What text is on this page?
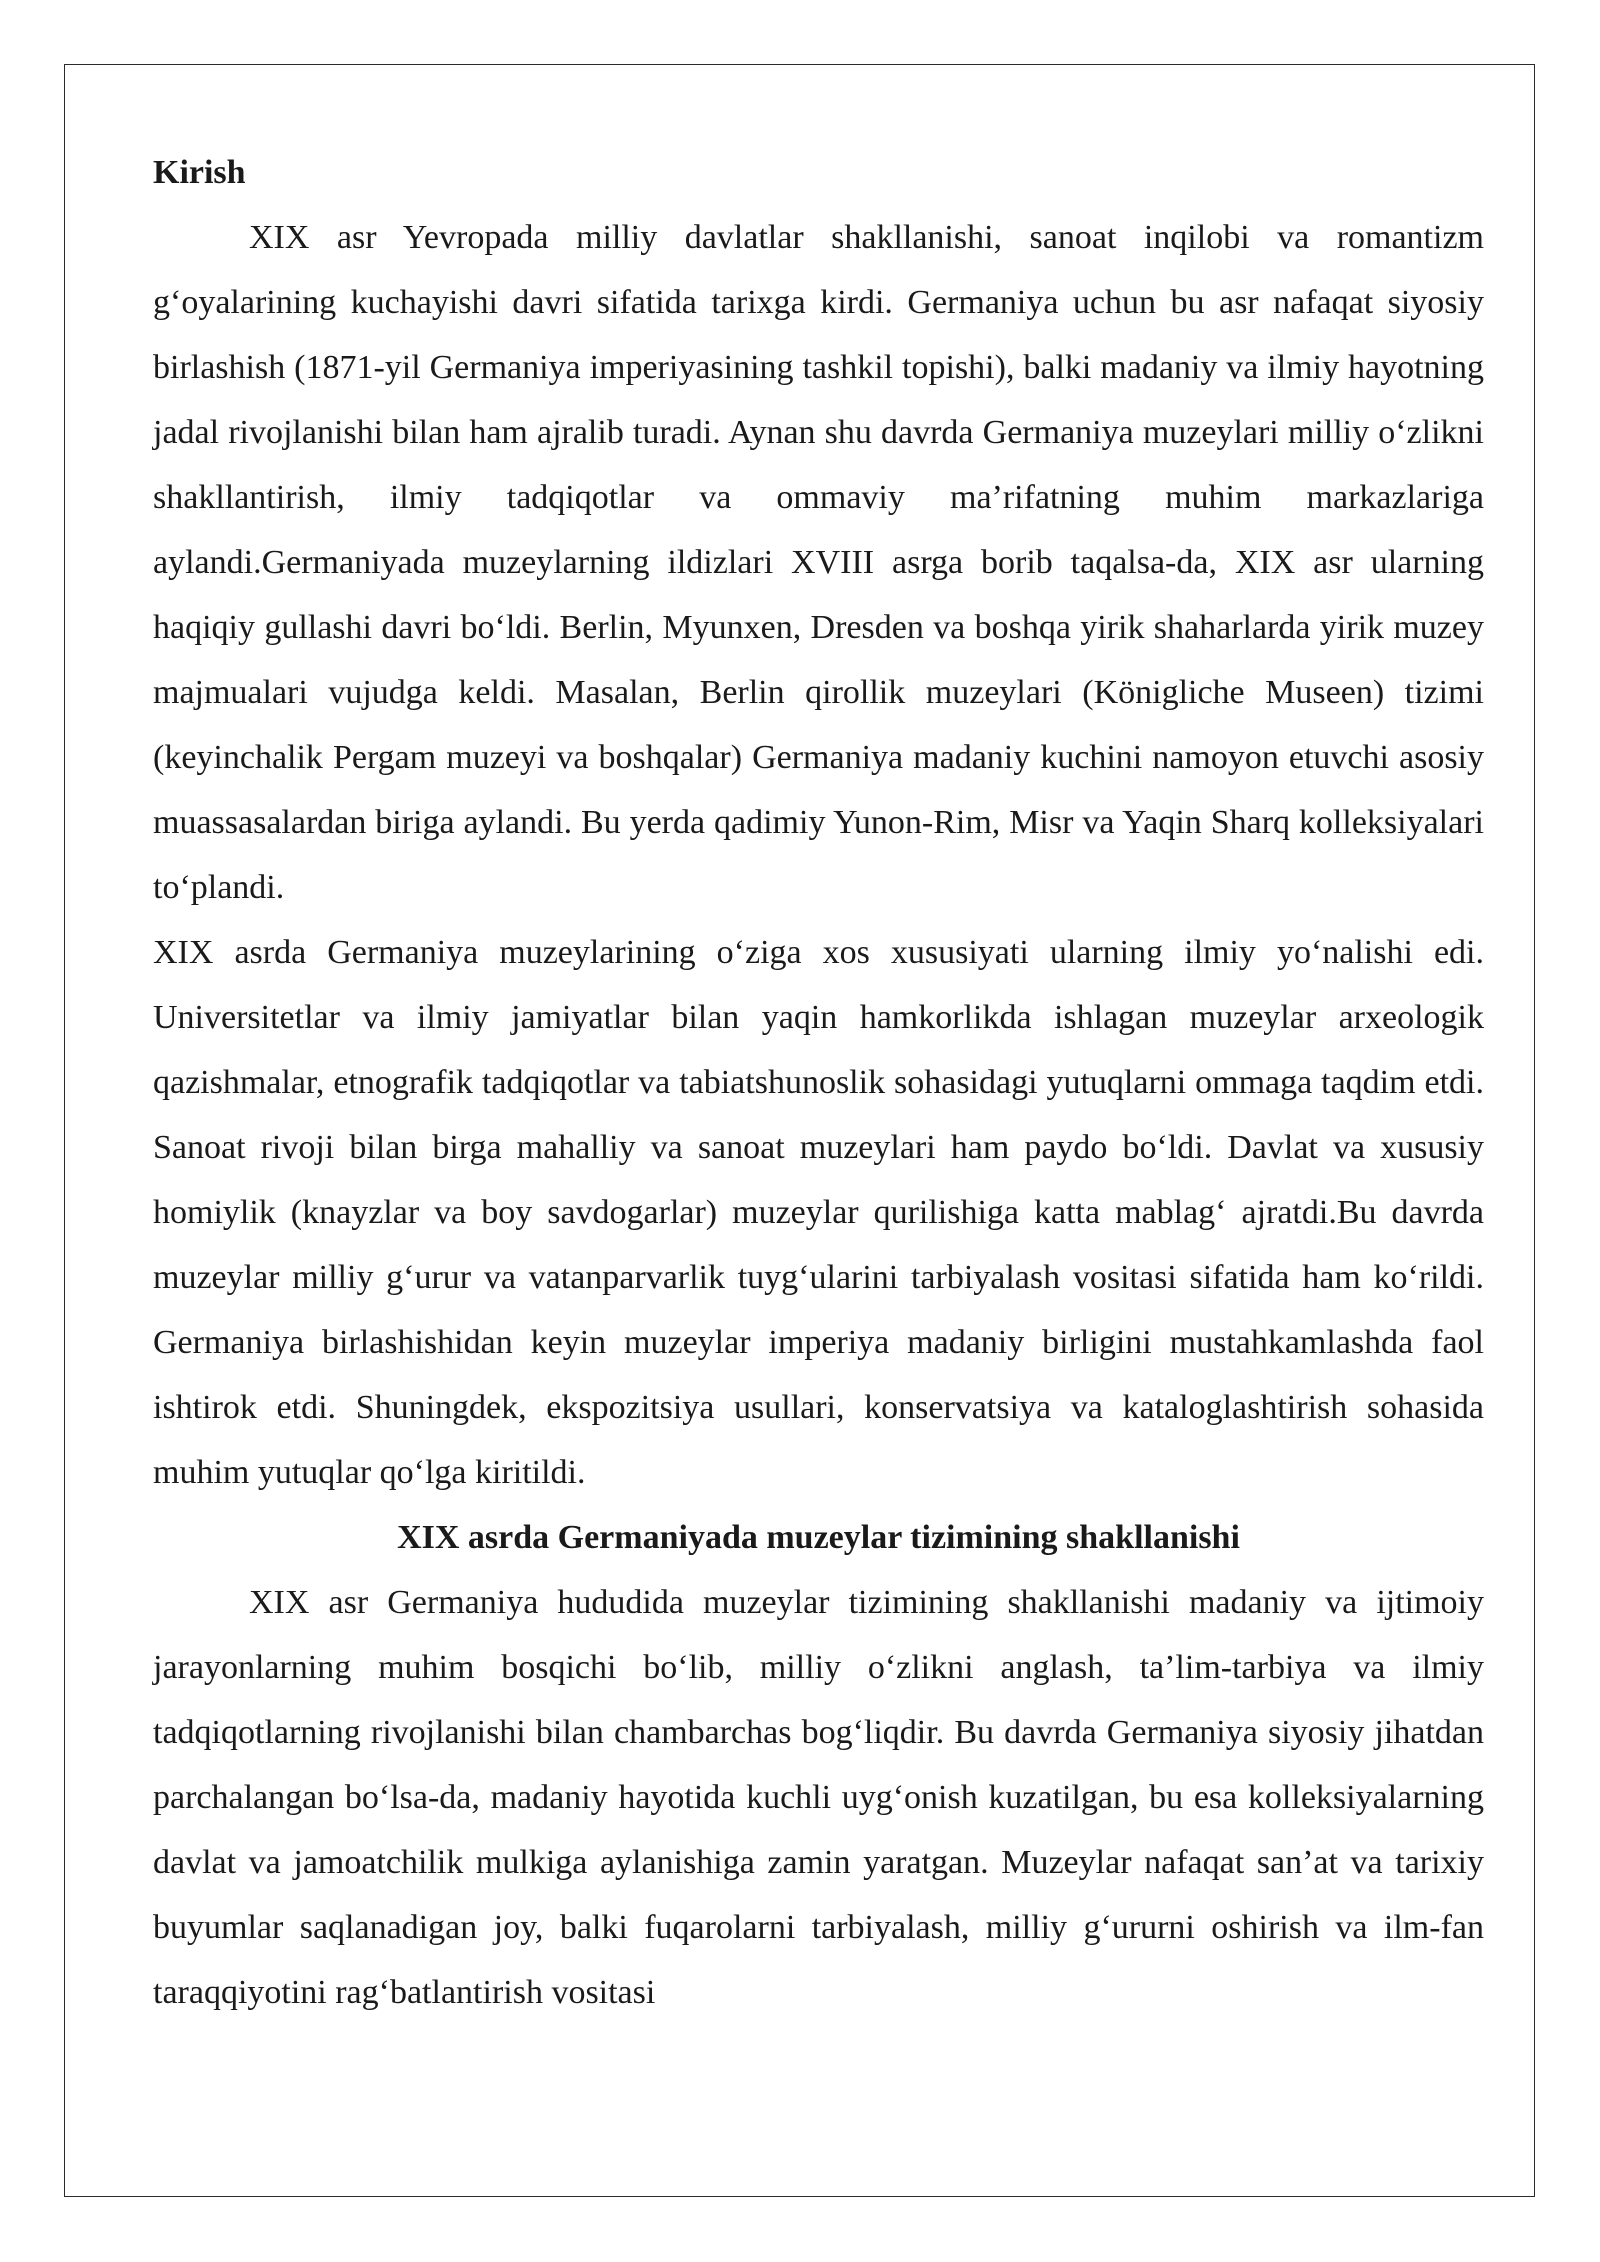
Kirish

XIX asr Yevropada milliy davlatlar shakllanishi, sanoat inqilobi va romantizm g‘oyalarining kuchayishi davri sifatida tarixga kirdi. Germaniya uchun bu asr nafaqat siyosiy birlashish (1871-yil Germaniya imperiyasining tashkil topishi), balki madaniy va ilmiy hayotning jadal rivojlanishi bilan ham ajralib turadi. Aynan shu davrda Germaniya muzeylari milliy o‘zlikni shakllantirish, ilmiy tadqiqotlar va ommaviy ma’rifatning muhim markazlariga aylandi.Germaniyada muzeylarning ildizlari XVIII asrga borib taqalsa-da, XIX asr ularning haqiqiy gullashi davri bo‘ldi. Berlin, Myunxen, Dresden va boshqa yirik shaharlarda yirik muzey majmualari vujudga keldi. Masalan, Berlin qirollik muzeylari (Königliche Museen) tizimi (keyinchalik Pergam muzeyi va boshqalar) Germaniya madaniy kuchini namoyon etuvchi asosiy muassasalardan biriga aylandi. Bu yerda qadimiy Yunon-Rim, Misr va Yaqin Sharq kolleksiyalari to‘plandi.

XIX asrda Germaniya muzeylarining o‘ziga xos xususiyati ularning ilmiy yo‘nalishi edi. Universitetlar va ilmiy jamiyatlar bilan yaqin hamkorlikda ishlagan muzeylar arxeologik qazishmalar, etnografik tadqiqotlar va tabiatshunoslik sohasidagi yutuqlarni ommaga taqdim etdi. Sanoat rivoji bilan birga mahalliy va sanoat muzeylari ham paydo bo‘ldi. Davlat va xususiy homiylik (knayzlar va boy savdogarlar) muzeylar qurilishiga katta mablag‘ ajratdi.Bu davrda muzeylar milliy g‘urur va vatanparvarlik tuyg‘ularini tarbiyalash vositasi sifatida ham ko‘rildi. Germaniya birlashishidan keyin muzeylar imperiya madaniy birligini mustahkamlashda faol ishtirok etdi. Shuningdek, ekspozitsiya usullari, konservatsiya va kataloglashtirish sohasida muhim yutuqlar qo‘lga kiritildi.

XIX asrda Germaniyada muzeylar tizimining shakllanishi

XIX asr Germaniya hududida muzeylar tizimining shakllanishi madaniy va ijtimoiy jarayonlarning muhim bosqichi bo‘lib, milliy o‘zlikni anglash, ta’lim-tarbiya va ilmiy tadqiqotlarning rivojlanishi bilan chambarchas bog‘liqdir. Bu davrda Germaniya siyosiy jihatdan parchalangan bo‘lsa-da, madaniy hayotida kuchli uyg‘onish kuzatilgan, bu esa kolleksiyalarning davlat va jamoatchilik mulkiga aylanishiga zamin yaratgan. Muzeylar nafaqat san’at va tarixiy buyumlar saqlanadigan joy, balki fuqarolarni tarbiyalash, milliy g‘ururni oshirish va ilm-fan taraqqiyotini rag‘batlantirish vositasi
